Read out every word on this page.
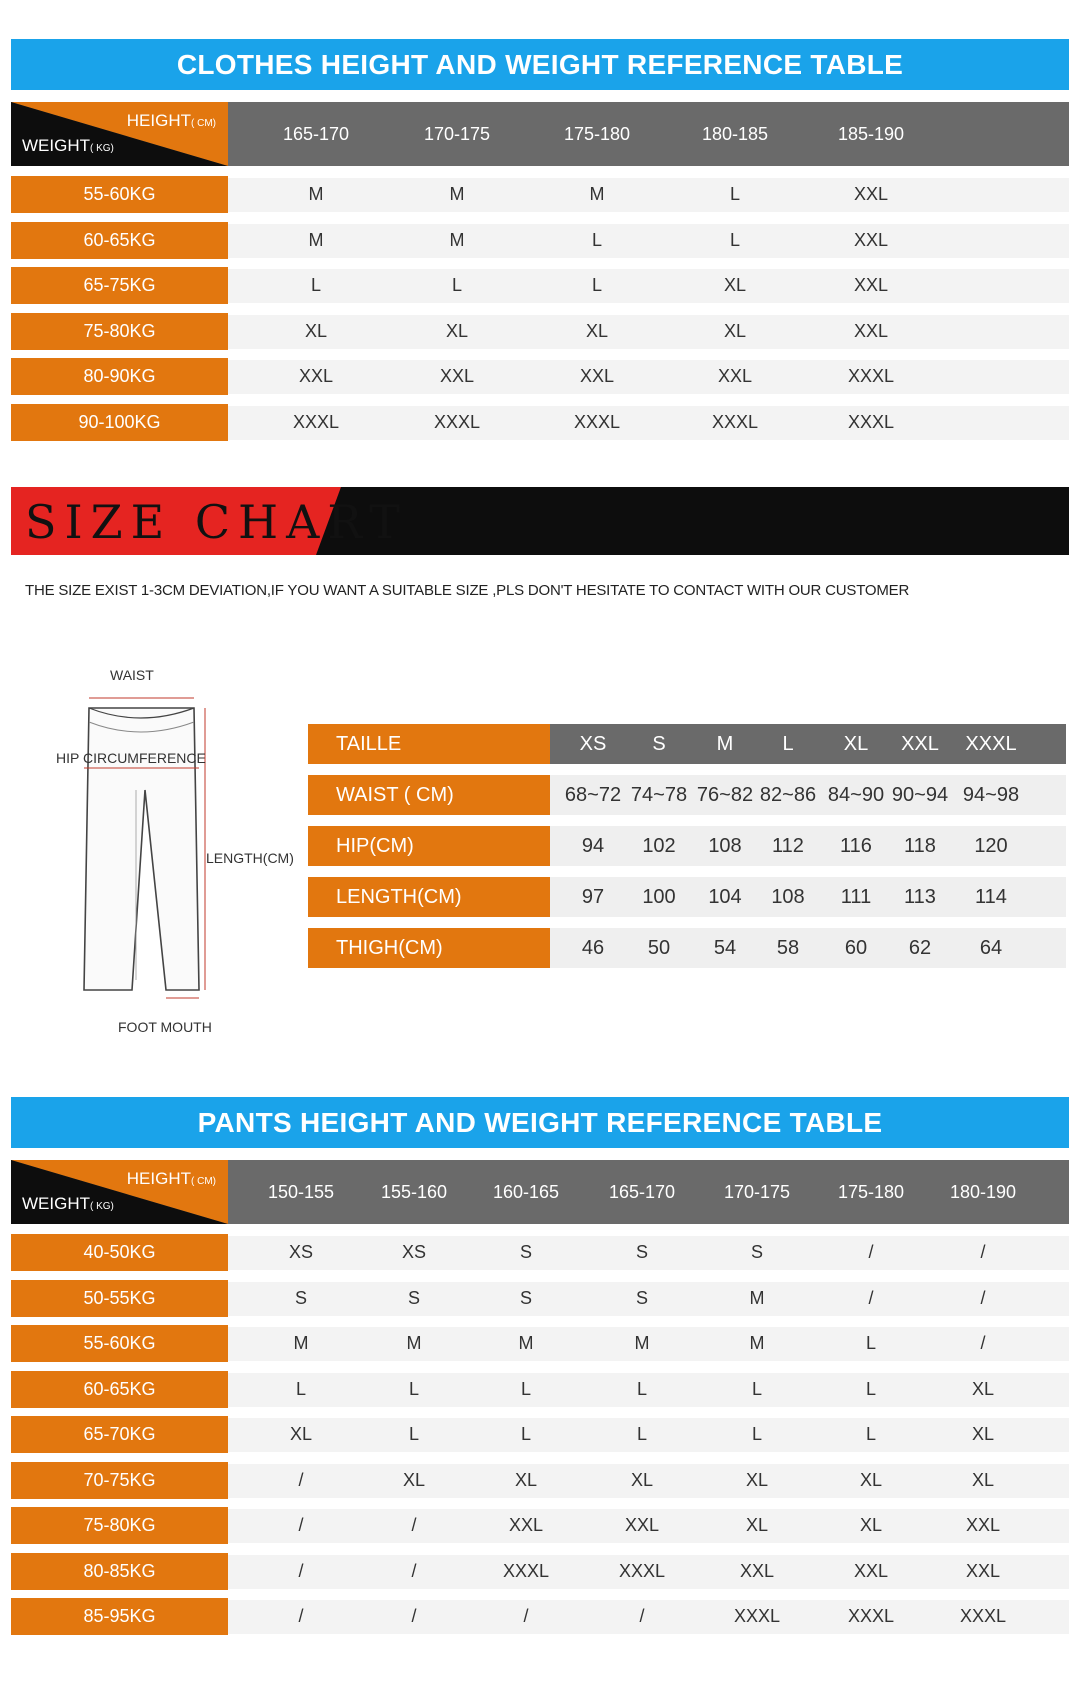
CLOTHES HEIGHT AND WEIGHT REFERENCE TABLE
HEIGHT( CM)
WEIGHT( KG)
165-170	170-175	175-180	180-185	185-190
55-60KG	M	M	M	L	XXL
60-65KG	M	M	L	L	XXL
65-75KG	L	L	L	XL	XXL
75-80KG	XL	XL	XL	XL	XXL
80-90KG	XXL	XXL	XXL	XXL	XXXL
90-100KG	XXXL	XXXL	XXXL	XXXL	XXXL
SIZE CHART
THE SIZE EXIST 1-3CM DEVIATION,IF YOU WANT A SUITABLE SIZE ,PLS DON'T HESITATE TO CONTACT WITH OUR CUSTOMER
WAIST
HIP CIRCUMFERENCE
LENGTH(CM)
FOOT MOUTH
TAILLE	XS	S	M	L	XL	XXL	XXXL
WAIST ( CM)	68~72 74~78 76~82 82~86 84~90 90~94 94~98
HIP(CM)	94	102	108	112	116	118	120
LENGTH(CM)	97	100	104	108	111	113	114
THIGH(CM)	46	50	54	58	60	62	64
PANTS HEIGHT AND WEIGHT REFERENCE TABLE
HEIGHT( CM)
WEIGHT( KG)
150-155	155-160	160-165	165-170	170-175	175-180	180-190
40-50KG	XS	XS	S	S	S	/	/
50-55KG	S	S	S	S	M	/	/
55-60KG	M	M	M	M	M	L	/
60-65KG	L	L	L	L	L	L	XL
65-70KG	XL	L	L	L	L	L	XL
70-75KG	/	XL	XL	XL	XL	XL	XL
75-80KG	/	/	XXL	XXL	XL	XL	XXL
80-85KG	/	/	XXXL	XXXL	XXL	XXL	XXL
85-95KG	/	/	/	/	XXXL	XXXL	XXXL
